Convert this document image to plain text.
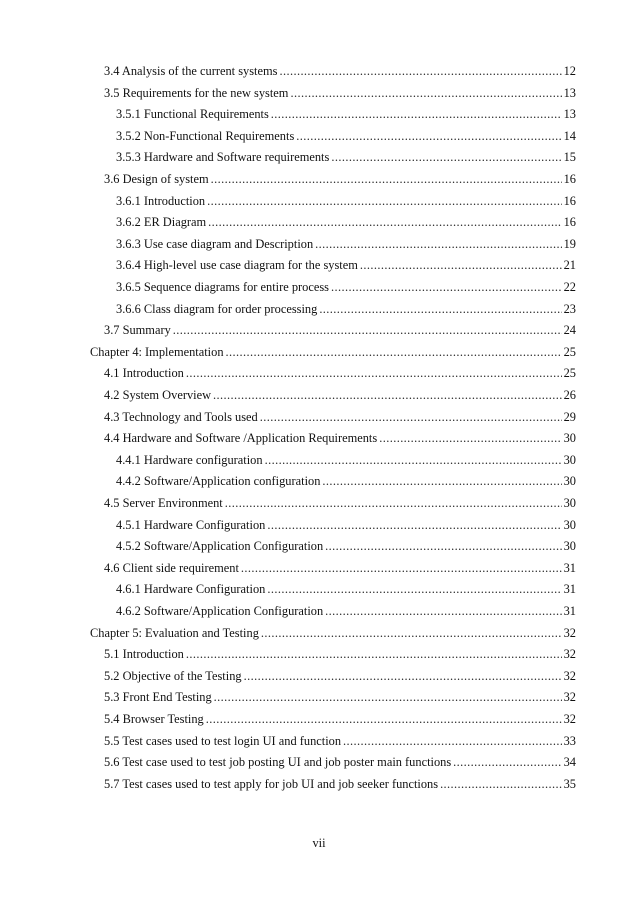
3.4 Analysis of the current systems .....	12
3.5 Requirements for the new system .....	13
3.5.1 Functional Requirements .....	13
3.5.2 Non-Functional Requirements .....	14
3.5.3 Hardware and Software requirements .....	15
3.6 Design of system .....	16
3.6.1 Introduction .....	16
3.6.2 ER Diagram .....	16
3.6.3 Use case diagram and Description .....	19
3.6.4 High-level use case diagram for the system .....	21
3.6.5 Sequence diagrams for entire process .....	22
3.6.6 Class diagram for order processing .....	23
3.7 Summary .....	24
Chapter 4: Implementation .....	25
4.1 Introduction .....	25
4.2 System Overview .....	26
4.3 Technology and Tools used .....	29
4.4 Hardware and Software /Application Requirements .....	30
4.4.1 Hardware configuration .....	30
4.4.2 Software/Application configuration .....	30
4.5 Server Environment .....	30
4.5.1 Hardware Configuration .....	30
4.5.2 Software/Application Configuration .....	30
4.6 Client side requirement .....	31
4.6.1 Hardware Configuration .....	31
4.6.2 Software/Application Configuration .....	31
Chapter 5: Evaluation and Testing .....	32
5.1 Introduction .....	32
5.2 Objective of the Testing .....	32
5.3 Front End Testing .....	32
5.4 Browser Testing .....	32
5.5 Test cases used to test login UI and function .....	33
5.6 Test case used to test job posting UI and job poster main functions .....	34
5.7 Test cases used to test apply for job UI and job seeker functions .....	35
vii
